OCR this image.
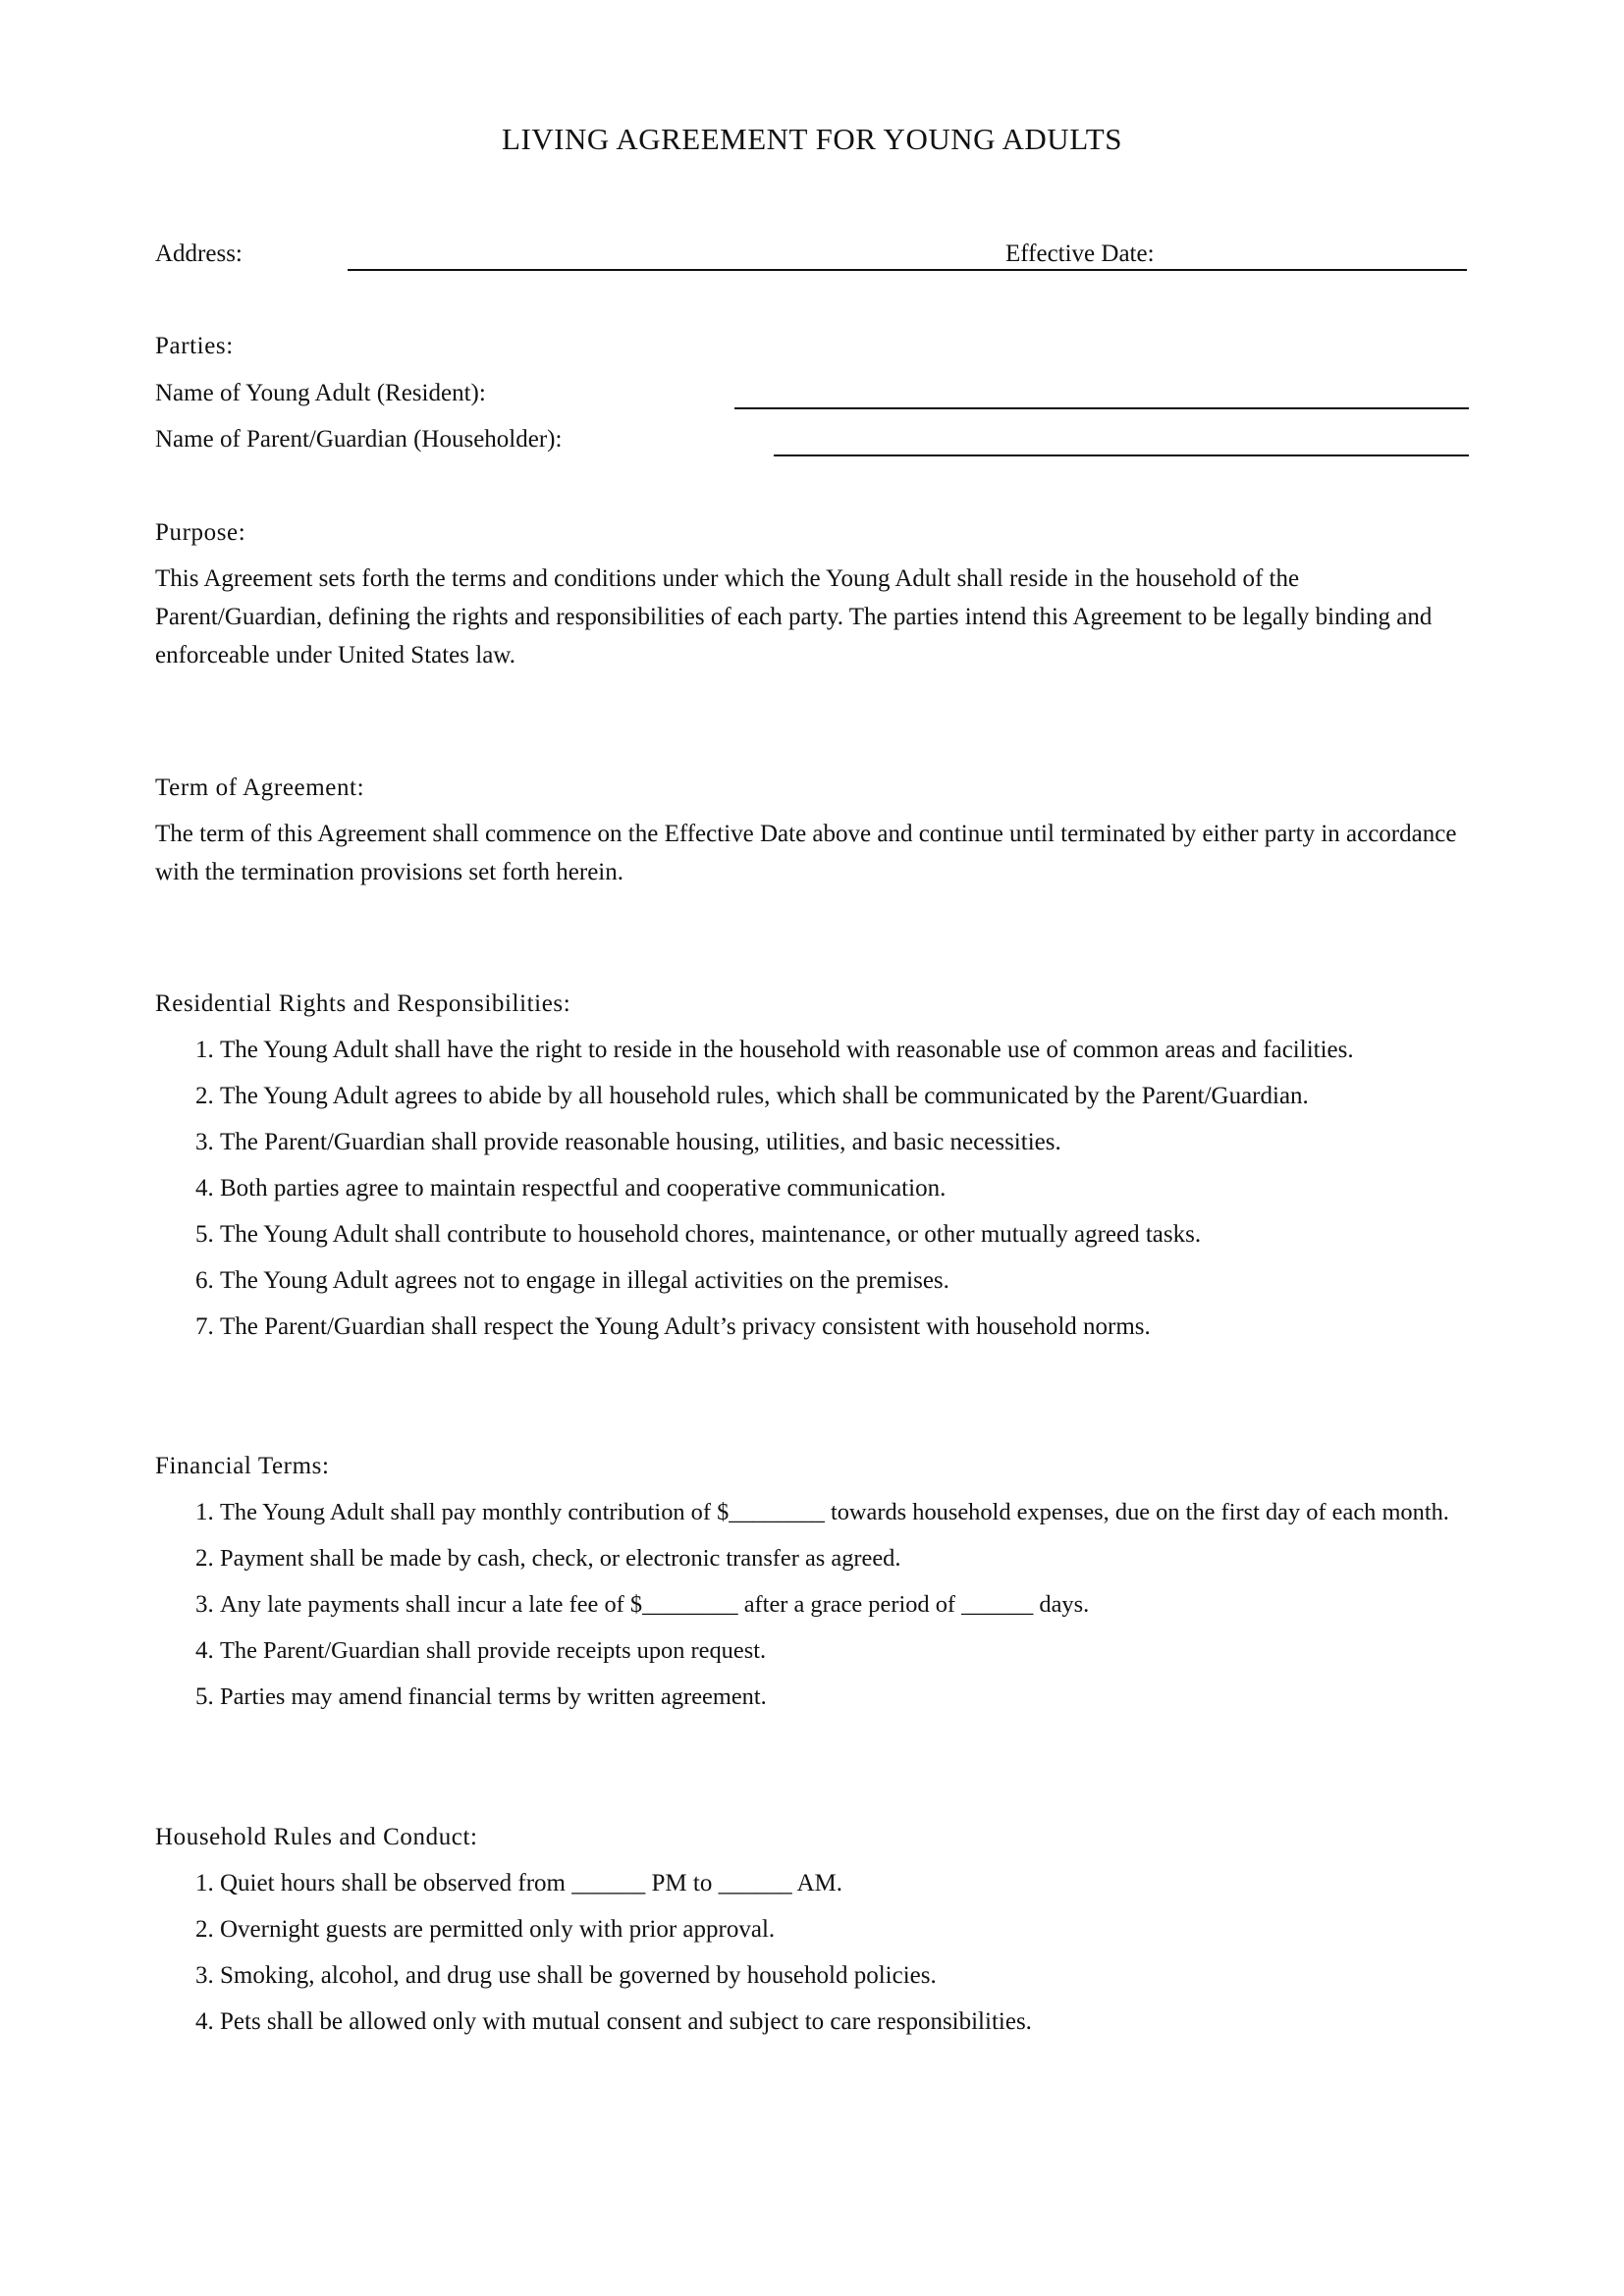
LIVING AGREEMENT FOR YOUNG ADULTS
Address:	Effective Date:
Parties:
Name of Young Adult (Resident):
Name of Parent/Guardian (Householder):
Purpose:
This Agreement sets forth the terms and conditions under which the Young Adult shall reside in the household of the Parent/Guardian, defining the rights and responsibilities of each party. The parties intend this Agreement to be legally binding and enforceable under United States law.
Term of Agreement:
The term of this Agreement shall commence on the Effective Date above and continue until terminated by either party in accordance with the termination provisions set forth herein.
Residential Rights and Responsibilities:
1. The Young Adult shall have the right to reside in the household with reasonable use of common areas and facilities.
2. The Young Adult agrees to abide by all household rules, which shall be communicated by the Parent/Guardian.
3. The Parent/Guardian shall provide reasonable housing, utilities, and basic necessities.
4. Both parties agree to maintain respectful and cooperative communication.
5. The Young Adult shall contribute to household chores, maintenance, or other mutually agreed tasks.
6. The Young Adult agrees not to engage in illegal activities on the premises.
7. The Parent/Guardian shall respect the Young Adult’s privacy consistent with household norms.
Financial Terms:
1. The Young Adult shall pay monthly contribution of $________ towards household expenses, due on the first day of each month.
2. Payment shall be made by cash, check, or electronic transfer as agreed.
3. Any late payments shall incur a late fee of $________ after a grace period of ______ days.
4. The Parent/Guardian shall provide receipts upon request.
5. Parties may amend financial terms by written agreement.
Household Rules and Conduct:
1. Quiet hours shall be observed from ______ PM to ______ AM.
2. Overnight guests are permitted only with prior approval.
3. Smoking, alcohol, and drug use shall be governed by household policies.
4. Pets shall be allowed only with mutual consent and subject to care responsibilities.
